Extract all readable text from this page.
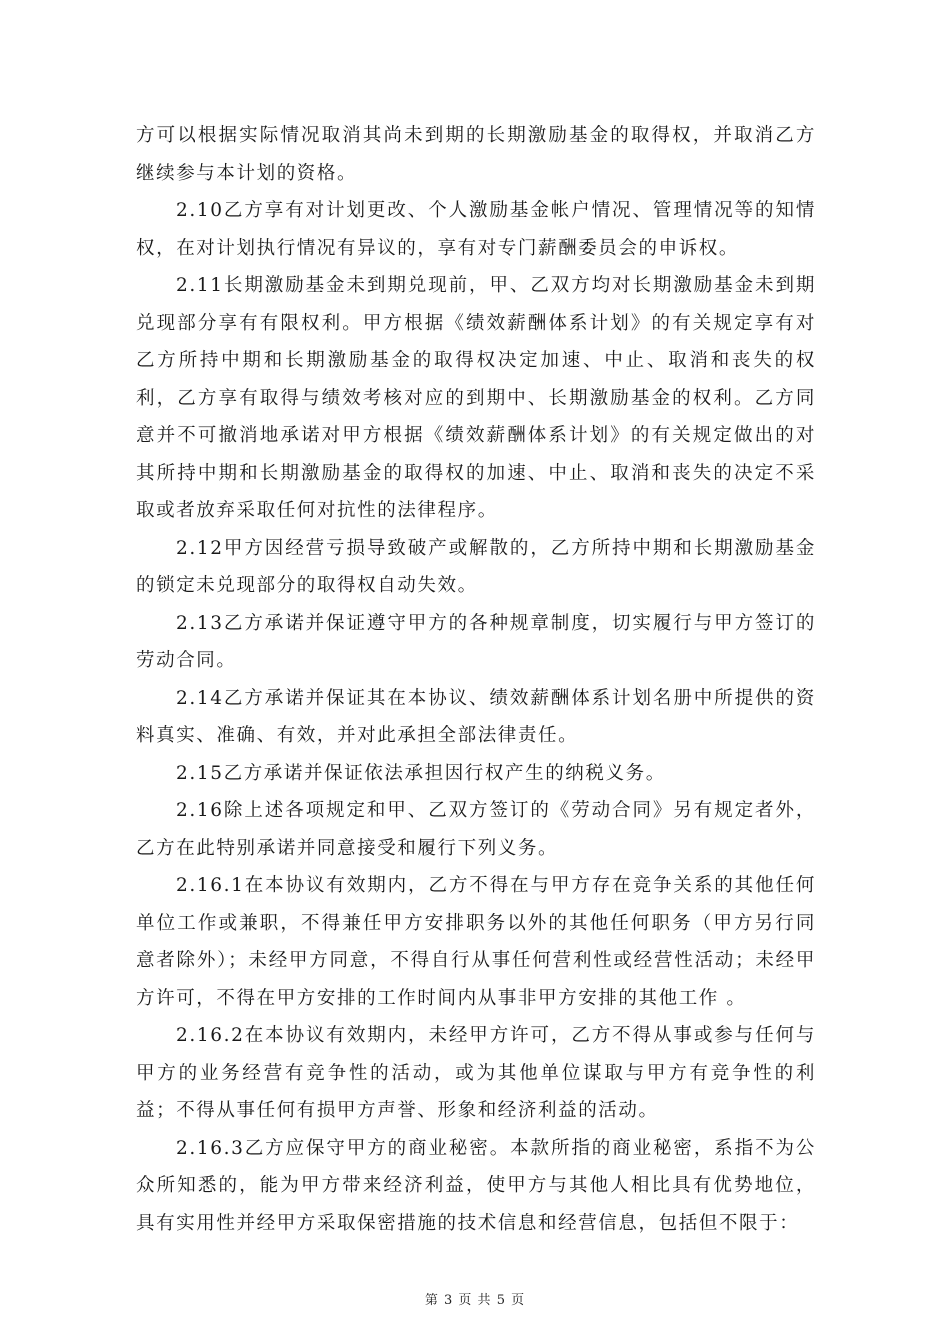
方可以根据实际情况取消其尚未到期的长期激励基金的取得权，并取消乙方继续参与本计划的资格。

2.10乙方享有对计划更改、个人激励基金帐户情况、管理情况等的知情权，在对计划执行情况有异议的，享有对专门薪酬委员会的申诉权。

2.11长期激励基金未到期兑现前，甲、乙双方均对长期激励基金未到期兑现部分享有有限权利。甲方根据《绩效薪酬体系计划》的有关规定享有对乙方所持中期和长期激励基金的取得权决定加速、中止、取消和丧失的权利，乙方享有取得与绩效考核对应的到期中、长期激励基金的权利。乙方同意并不可撤消地承诺对甲方根据《绩效薪酬体系计划》的有关规定做出的对其所持中期和长期激励基金的取得权的加速、中止、取消和丧失的决定不采取或者放弃采取任何对抗性的法律程序。

2.12甲方因经营亏损导致破产或解散的，乙方所持中期和长期激励基金的锁定未兑现部分的取得权自动失效。

2.13乙方承诺并保证遵守甲方的各种规章制度，切实履行与甲方签订的劳动合同。

2.14乙方承诺并保证其在本协议、绩效薪酬体系计划名册中所提供的资料真实、准确、有效，并对此承担全部法律责任。

2.15乙方承诺并保证依法承担因行权产生的纳税义务。

2.16除上述各项规定和甲、乙双方签订的《劳动合同》另有规定者外，乙方在此特别承诺并同意接受和履行下列义务。

2.16.1在本协议有效期内，乙方不得在与甲方存在竞争关系的其他任何单位工作或兼职，不得兼任甲方安排职务以外的其他任何职务（甲方另行同意者除外）；未经甲方同意，不得自行从事任何营利性或经营性活动；未经甲方许可，不得在甲方安排的工作时间内从事非甲方安排的其他工作 。

2.16.2在本协议有效期内，未经甲方许可，乙方不得从事或参与任何与甲方的业务经营有竞争性的活动，或为其他单位谋取与甲方有竞争性的利益；不得从事任何有损甲方声誉、形象和经济利益的活动。

2.16.3乙方应保守甲方的商业秘密。本款所指的商业秘密，系指不为公众所知悉的，能为甲方带来经济利益，使甲方与其他人相比具有优势地位，具有实用性并经甲方采取保密措施的技术信息和经营信息，包括但不限于：

第 3 页 共 5 页
